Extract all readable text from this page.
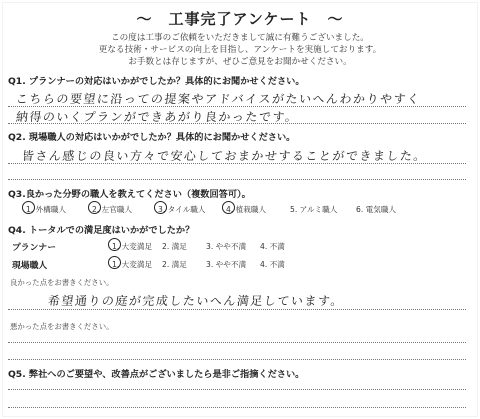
～　工事完了アンケート　～
この度は工事のご依頼をいただきまして誠に有難うございました。
更なる技術・サービスの向上を目指し、アンケートを実施しております。
お手数とは存じますが、ぜひご意見をお聞かせください。
Q1. プランナーの対応はいかがでしたか？具体的にお聞かせください。
こちらの要望に沿っての提案やアドバイスがたいへんわかりやすく
納得のいくプランができあがり良かったです。
Q2. 現場職人の対応はいかがでしたか？具体的にお聞かせください。
皆さん感じの良い方々で安心しておまかせすることができました。
Q3.良かった分野の職人を教えてください（複数回答可）。
1. 外構職人	2. 左官職人	3. タイル職人	4. 植栽職人	5. アルミ職人 6. 電気職人
Q4. トータルでの満足度はいかがでしたか？
プランナー	1. 大変満足 2. 満足	3. やや不満 4. 不満
現場職人	1. 大変満足 2. 満足	3. やや不満 4. 不満
良かった点をお書きください。
希望通りの庭が完成したいへん満足しています。
悪かった点をお書きください。
Q5. 弊社へのご要望や、改善点がございましたら是非ご指摘ください。
